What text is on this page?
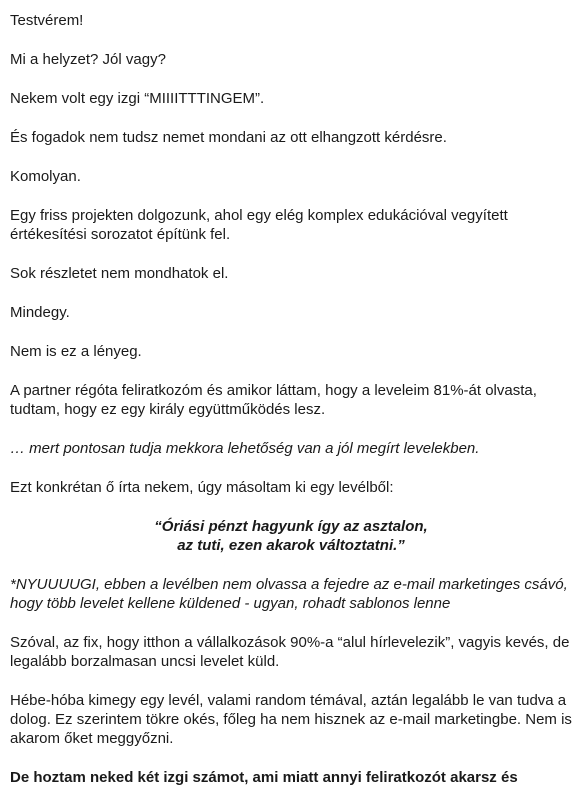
Testvérem!

Mi a helyzet? Jól vagy?

Nekem volt egy izgi “MIIIITTTINGEM”.

És fogadok nem tudsz nemet mondani az ott elhangzott kérdésre.

Komolyan.

Egy friss projekten dolgozunk, ahol egy elég komplex edukációval vegyített értékesítési sorozatot építünk fel.

Sok részletet nem mondhatok el.

Mindegy.

Nem is ez a lényeg.

A partner régóta feliratkozóm és amikor láttam, hogy a leveleim 81%-át olvasta, tudtam, hogy ez egy király együttműködés lesz.

… mert pontosan tudja mekkora lehetőség van a jól megírt levelekben.

Ezt konkrétan ő írta nekem, úgy másoltam ki egy levélből:

“Óriási pénzt hagyunk így az asztalon,

az tuti, ezen akarok változtatni.”

*NYUUUUGI, ebben a levélben nem olvassa a fejedre az e-mail marketinges csávó, hogy több levelet kellene küldened - ugyan, rohadt sablonos lenne

Szóval, az fix, hogy itthon a vállalkozások 90%-a “alul hírlevelezik”, vagyis kevés, de legalább borzalmasan uncsi levelet küld.

Hébe-hóba kimegy egy levél, valami random témával, aztán legalább le van tudva a dolog. Ez szerintem tökre okés, főleg ha nem hisznek az e-mail marketingbe. Nem is akarom őket meggyőzni.

De hoztam neked két izgi számot, ami miatt annyi feliratkozót akarsz és
